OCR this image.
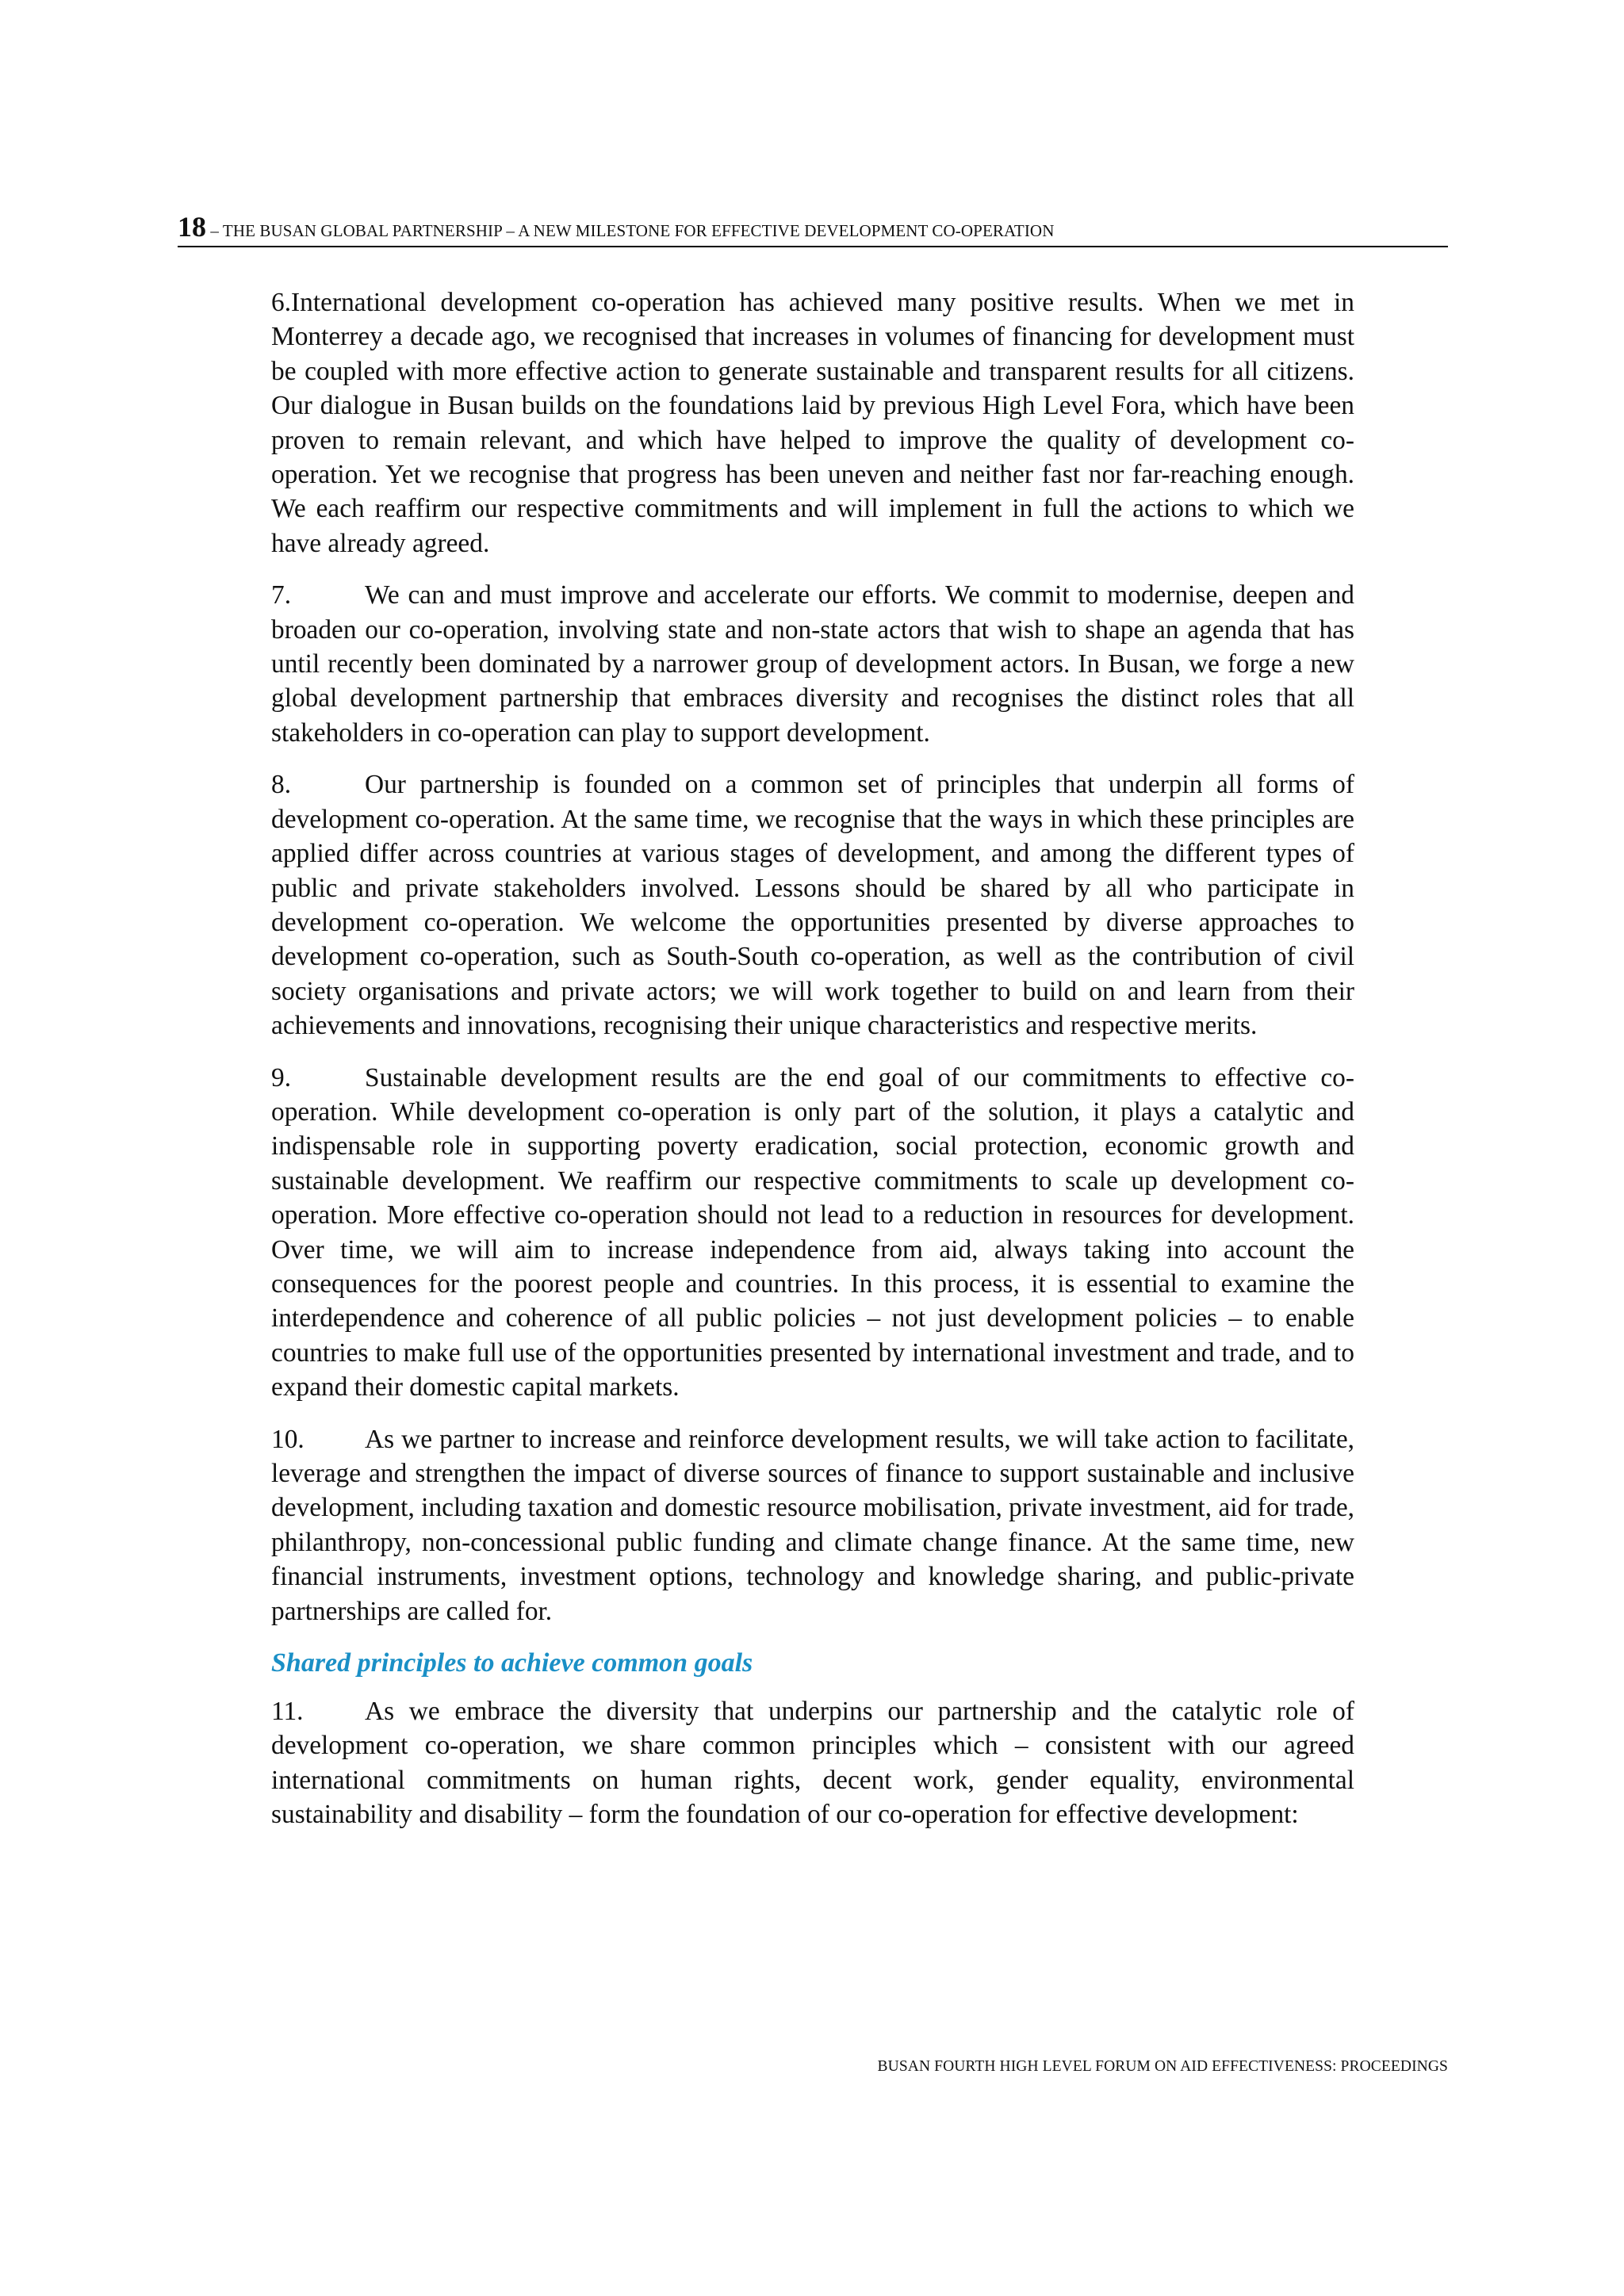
18 – THE BUSAN GLOBAL PARTNERSHIP – A NEW MILESTONE FOR EFFECTIVE DEVELOPMENT CO-OPERATION

6.International development co-operation has achieved many positive results. When we met in Monterrey a decade ago, we recognised that increases in volumes of financing for development must be coupled with more effective action to generate sustainable and transparent results for all citizens. Our dialogue in Busan builds on the foundations laid by previous High Level Fora, which have been proven to remain relevant, and which have helped to improve the quality of development co-operation. Yet we recognise that progress has been uneven and neither fast nor far-reaching enough. We each reaffirm our respective commitments and will implement in full the actions to which we have already agreed.

7.	We can and must improve and accelerate our efforts. We commit to modernise, deepen and broaden our co-operation, involving state and non-state actors that wish to shape an agenda that has until recently been dominated by a narrower group of development actors. In Busan, we forge a new global development partnership that embraces diversity and recognises the distinct roles that all stakeholders in co-operation can play to support development.

8.	Our partnership is founded on a common set of principles that underpin all forms of development co-operation. At the same time, we recognise that the ways in which these principles are applied differ across countries at various stages of development, and among the different types of public and private stakeholders involved. Lessons should be shared by all who participate in development co-operation. We welcome the opportunities presented by diverse approaches to development co-operation, such as South-South co-operation, as well as the contribution of civil society organisations and private actors; we will work together to build on and learn from their achievements and innovations, recognising their unique characteristics and respective merits.

9.	Sustainable development results are the end goal of our commitments to effective co-operation. While development co-operation is only part of the solution, it plays a catalytic and indispensable role in supporting poverty eradication, social protection, economic growth and sustainable development. We reaffirm our respective commitments to scale up development co-operation. More effective co-operation should not lead to a reduction in resources for development. Over time, we will aim to increase independence from aid, always taking into account the consequences for the poorest people and countries. In this process, it is essential to examine the interdependence and coherence of all public policies – not just development policies – to enable countries to make full use of the opportunities presented by international investment and trade, and to expand their domestic capital markets.

10. As we partner to increase and reinforce development results, we will take action to facilitate, leverage and strengthen the impact of diverse sources of finance to support sustainable and inclusive development, including taxation and domestic resource mobilisation, private investment, aid for trade, philanthropy, non-concessional public funding and climate change finance. At the same time, new financial instruments, investment options, technology and knowledge sharing, and public-private partnerships are called for.

Shared principles to achieve common goals

11. As we embrace the diversity that underpins our partnership and the catalytic role of development co-operation, we share common principles which – consistent with our agreed international commitments on human rights, decent work, gender equality, environmental sustainability and disability – form the foundation of our co-operation for effective development:

BUSAN FOURTH HIGH LEVEL FORUM ON AID EFFECTIVENESS: PROCEEDINGS
